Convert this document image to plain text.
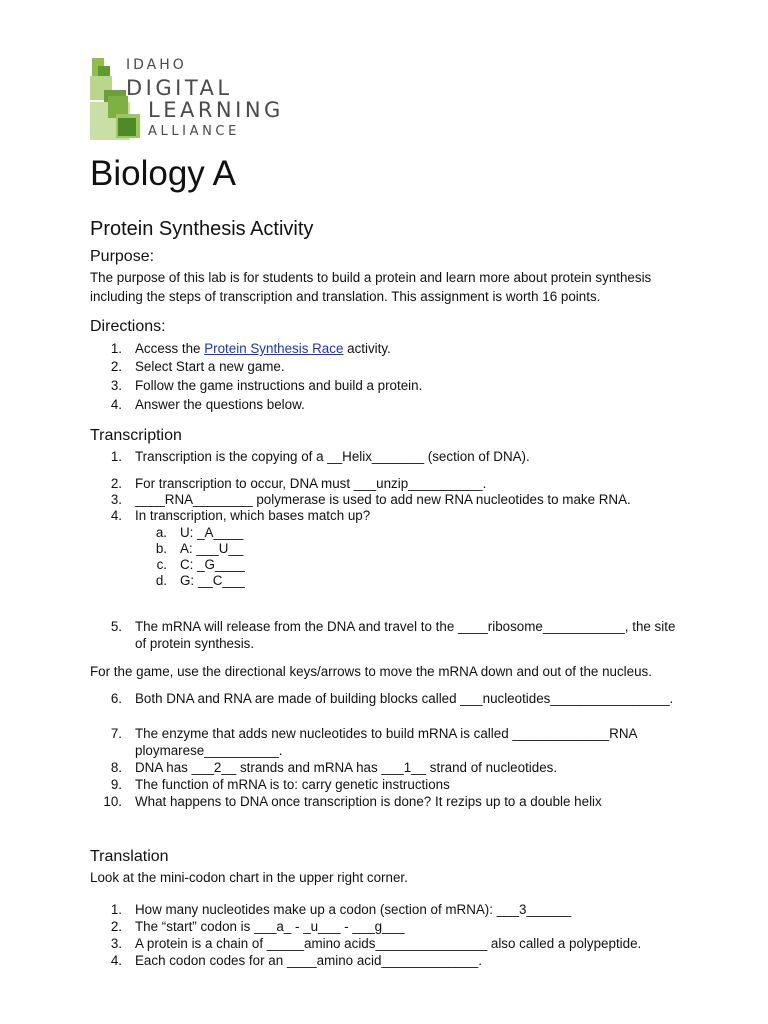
IDAHO
DIGITAL
LEARNING
ALLIANCE
Biology A
Protein Synthesis Activity
Purpose:

The purpose of this lab is for students to build a protein and learn more about protein synthesis including the steps of transcription and translation. This assignment is worth 16 points.

Directions:
1. Access the Protein Synthesis Race activity.
2. Select Start a new game.
3. Follow the game instructions and build a protein.
4. Answer the questions below.
Transcription
1. Transcription is the copying of a __Helix_______ (section of DNA).
2. For transcription to occur, DNA must ___unzip__________.
3. ____RNA________ polymerase is used to add new RNA nucleotides to make RNA.
4. In transcription, which bases match up?
a. U: _A____
b. A: ___U__
c. C: _G____
d. G: __C___
5. The mRNA will release from the DNA and travel to the ____ribosome___________, the site of protein synthesis.

For the game, use the directional keys/arrows to move the mRNA down and out of the nucleus.

6. Both DNA and RNA are made of building blocks called ___nucleotides________________.
7. The enzyme that adds new nucleotides to build mRNA is called _____________RNA ploymarese__________.
8. DNA has ___2__ strands and mRNA has ___1__ strand of nucleotides.
9. The function of mRNA is to: carry genetic instructions
10. What happens to DNA once transcription is done? It rezips up to a double helix
Translation

Look at the mini-codon chart in the upper right corner.

1. How many nucleotides make up a codon (section of mRNA): ___3______
2. The “start” codon is ___a_ - _u___ - ___g___
3. A protein is a chain of _____amino acids_______________ also called a polypeptide.
4. Each codon codes for an ____amino acid_____________.
